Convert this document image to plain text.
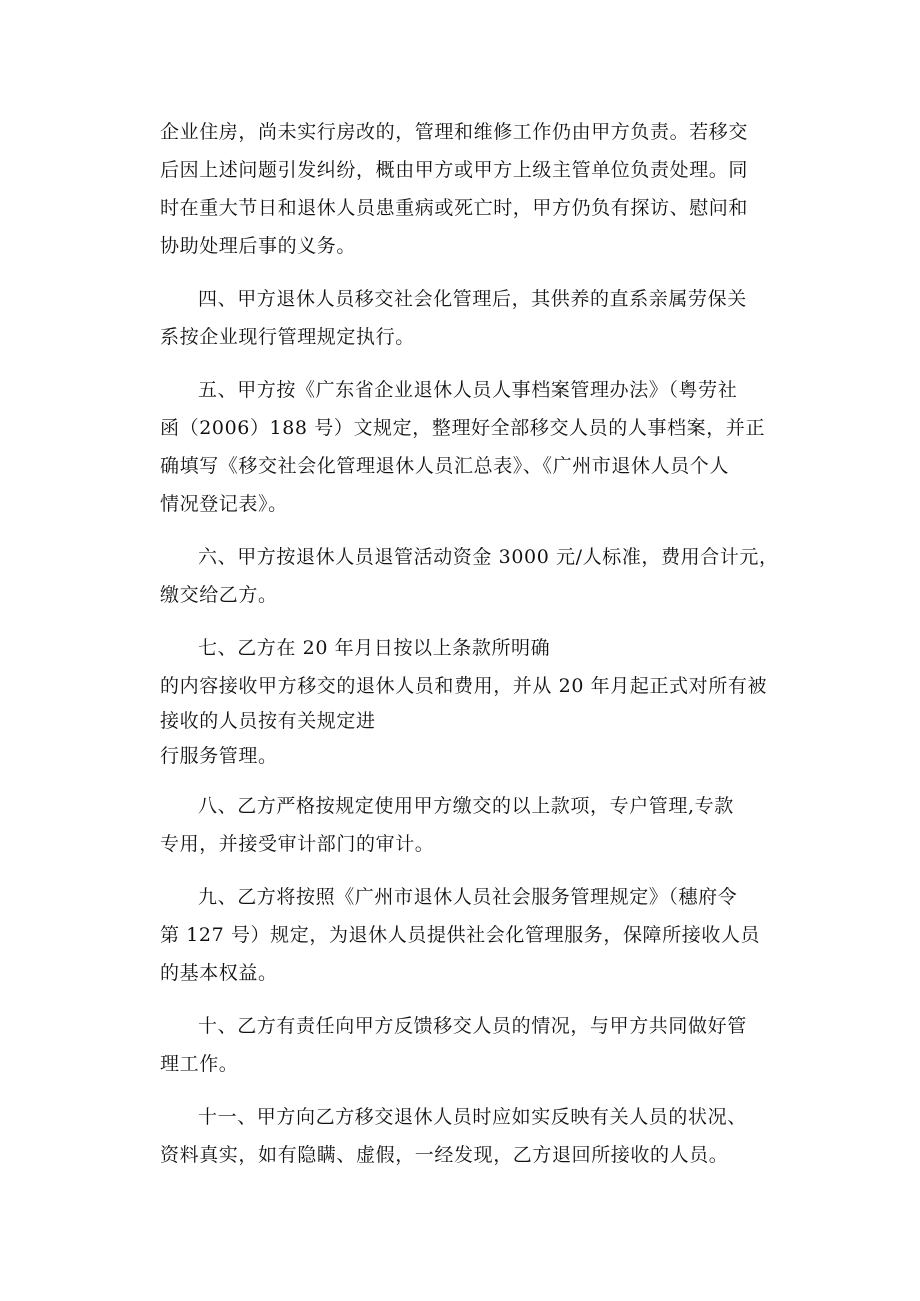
企业住房，尚未实行房改的，管理和维修工作仍由甲方负责。若移交
后因上述问题引发纠纷，概由甲方或甲方上级主管单位负责处理。同
时在重大节日和退休人员患重病或死亡时，甲方仍负有探访、慰问和
协助处理后事的义务。
四、甲方退休人员移交社会化管理后，其供养的直系亲属劳保关
系按企业现行管理规定执行。
五、甲方按《广东省企业退休人员人事档案管理办法》（粤劳社
函（2006）188 号）文规定，整理好全部移交人员的人事档案，并正
确填写《移交社会化管理退休人员汇总表》、《广州市退休人员个人
情况登记表》。
六、甲方按退休人员退管活动资金 3000 元/人标准，费用合计元，
缴交给乙方。
七、乙方在 20 年月日按以上条款所明确
的内容接收甲方移交的退休人员和费用，并从 20 年月起正式对所有被
接收的人员按有关规定进
行服务管理。
八、乙方严格按规定使用甲方缴交的以上款项，专户管理,专款
专用，并接受审计部门的审计。
九、乙方将按照《广州市退休人员社会服务管理规定》（穗府令
第 127 号）规定，为退休人员提供社会化管理服务，保障所接收人员
的基本权益。
十、乙方有责任向甲方反馈移交人员的情况，与甲方共同做好管
理工作。
十一、甲方向乙方移交退休人员时应如实反映有关人员的状况、
资料真实，如有隐瞒、虚假，一经发现，乙方退回所接收的人员。
